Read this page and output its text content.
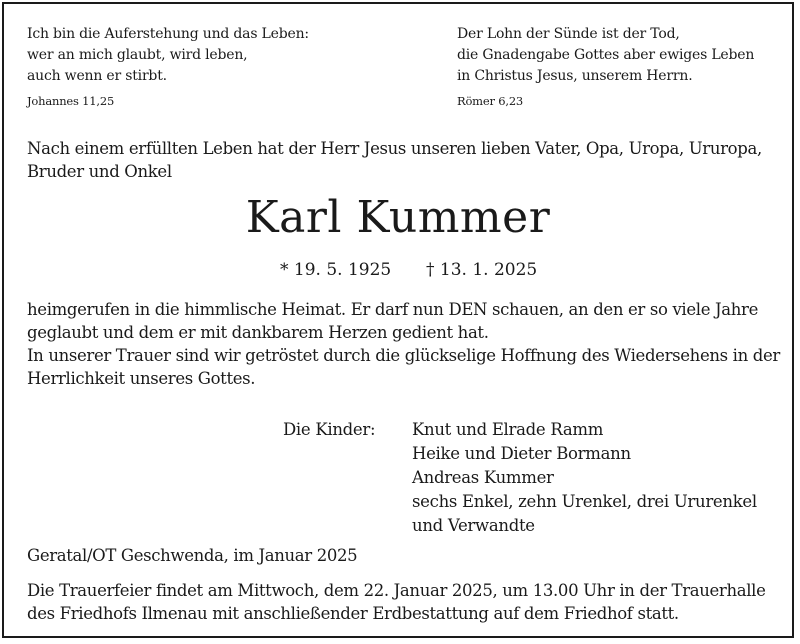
Ich bin die Auferstehung und das Leben:
wer an mich glaubt, wird leben,
auch wenn er stirbt.
Johannes 11,25
Der Lohn der Sünde ist der Tod,
die Gnadengabe Gottes aber ewiges Leben
in Christus Jesus, unserem Herrn.
Römer 6,23
Nach einem erfüllten Leben hat der Herr Jesus unseren lieben Vater, Opa, Uropa, Ururopa,
Bruder und Onkel
Karl Kummer
* 19. 5. 1925 † 13. 1. 2025
heimgerufen in die himmlische Heimat. Er darf nun DEN schauen, an den er so viele Jahre
geglaubt und dem er mit dankbarem Herzen gedient hat.
In unserer Trauer sind wir getröstet durch die glückselige Hoffnung des Wiedersehens in der
Herrlichkeit unseres Gottes.
Die Kinder: Knut und Elrade Ramm
Heike und Dieter Bormann
Andreas Kummer
sechs Enkel, zehn Urenkel, drei Ururenkel
und Verwandte
Geratal/OT Geschwenda, im Januar 2025
Die Trauerfeier findet am Mittwoch, dem 22. Januar 2025, um 13.00 Uhr in der Trauerhalle
des Friedhofs Ilmenau mit anschließender Erdbestattung auf dem Friedhof statt.
